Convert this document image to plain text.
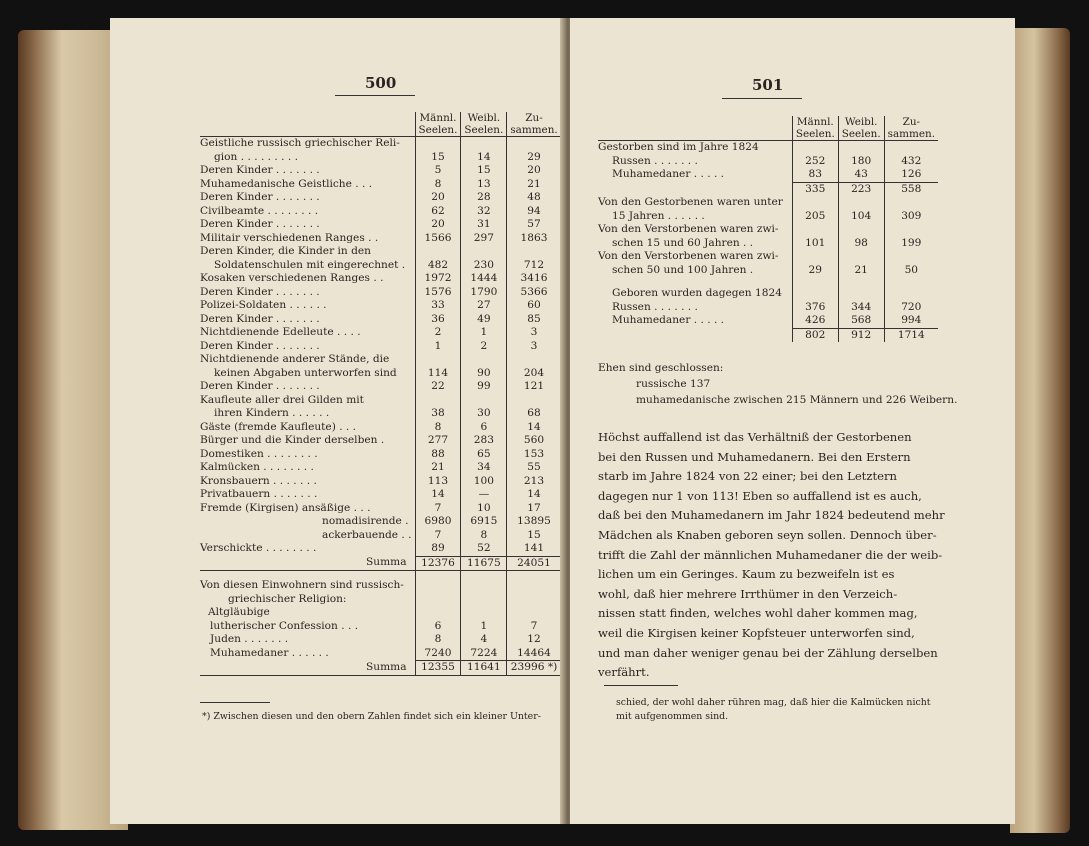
500
	Männl. Seelen.	Weibl. Seelen.	Zu- sammen.
Geistliche russisch griechischer Reli-			
gion . . . . . . . . .	15	14	29
Deren Kinder . . . . . . .	5	15	20
Muhamedanische Geistliche . . .	8	13	21
Deren Kinder . . . . . . .	20	28	48
Civilbeamte . . . . . . . .	62	32	94
Deren Kinder . . . . . . .	20	31	57
Militair verschiedenen Ranges . .	1566	297	1863
Deren Kinder, die Kinder in den			
Soldatenschulen mit eingerechnet .	482	230	712
Kosaken verschiedenen Ranges . .	1972	1444	3416
Deren Kinder . . . . . . .	1576	1790	5366
Polizei-Soldaten . . . . . .	33	27	60
Deren Kinder . . . . . . .	36	49	85
Nichtdienende Edelleute . . . .	2	1	3
Deren Kinder . . . . . . .	1	2	3
Nichtdienende anderer Stände, die			
keinen Abgaben unterworfen sind	114	90	204
Deren Kinder . . . . . . .	22	99	121
Kaufleute aller drei Gilden mit			
ihren Kindern . . . . . .	38	30	68
Gäste (fremde Kaufleute) . . .	8	6	14
Bürger und die Kinder derselben .	277	283	560
Domestiken . . . . . . . .	88	65	153
Kalmücken . . . . . . . .	21	34	55
Kronsbauern . . . . . . .	113	100	213
Privatbauern . . . . . . .	14	—	14
Fremde (Kirgisen) ansäßige . . .	7	10	17
nomadisirende .	6980	6915	13895
ackerbauende . .	7	8	15
Verschickte . . . . . . . .	89	52	141
Summa	12376	11675	24051

Von diesen Einwohnern sind russisch-			
griechischer Religion:			
Altgläubige			
lutherischer Confession . . .	6	1	7
Juden . . . . . . .	8	4	12
Muhamedaner . . . . . .	7240	7224	14464
Summa	12355	11641	23996 *)
*) Zwischen diesen und den obern Zahlen findet sich ein kleiner Unter-
501
	Männl. Seelen.	Weibl. Seelen.	Zu- sammen.
Gestorben sind im Jahre 1824			
Russen . . . . . . .	252	180	432
Muhamedaner . . . . .	83	43	126
	335	223	558
Von den Gestorbenen waren unter			
15 Jahren . . . . . .	205	104	309
Von den Verstorbenen waren zwi-			
schen 15 und 60 Jahren . .	101	98	199
Von den Verstorbenen waren zwi-			
schen 50 und 100 Jahren .	29	21	50

Geboren wurden dagegen 1824			
Russen . . . . . . .	376	344	720
Muhamedaner . . . . .	426	568	994
	802	912	1714
Ehen sind geschlossen:
russische 137
muhamedanische zwischen 215 Männern und 226 Weibern.
Höchst auffallend ist das Verhältniß der Gestorbenen
bei den Russen und Muhamedanern. Bei den Erstern
starb im Jahre 1824 von 22 einer; bei den Letztern
dagegen nur 1 von 113! Eben so auffallend ist es auch,
daß bei den Muhamedanern im Jahr 1824 bedeutend mehr
Mädchen als Knaben geboren seyn sollen. Dennoch über-
trifft die Zahl der männlichen Muhamedaner die der weib-
lichen um ein Geringes. Kaum zu bezweifeln ist es
wohl, daß hier mehrere Irrthümer in den Verzeich-
nissen statt finden, welches wohl daher kommen mag,
weil die Kirgisen keiner Kopfsteuer unterworfen sind,
und man daher weniger genau bei der Zählung derselben
verfährt.
schied, der wohl daher rühren mag, daß hier die Kalmücken nicht
mit aufgenommen sind.
